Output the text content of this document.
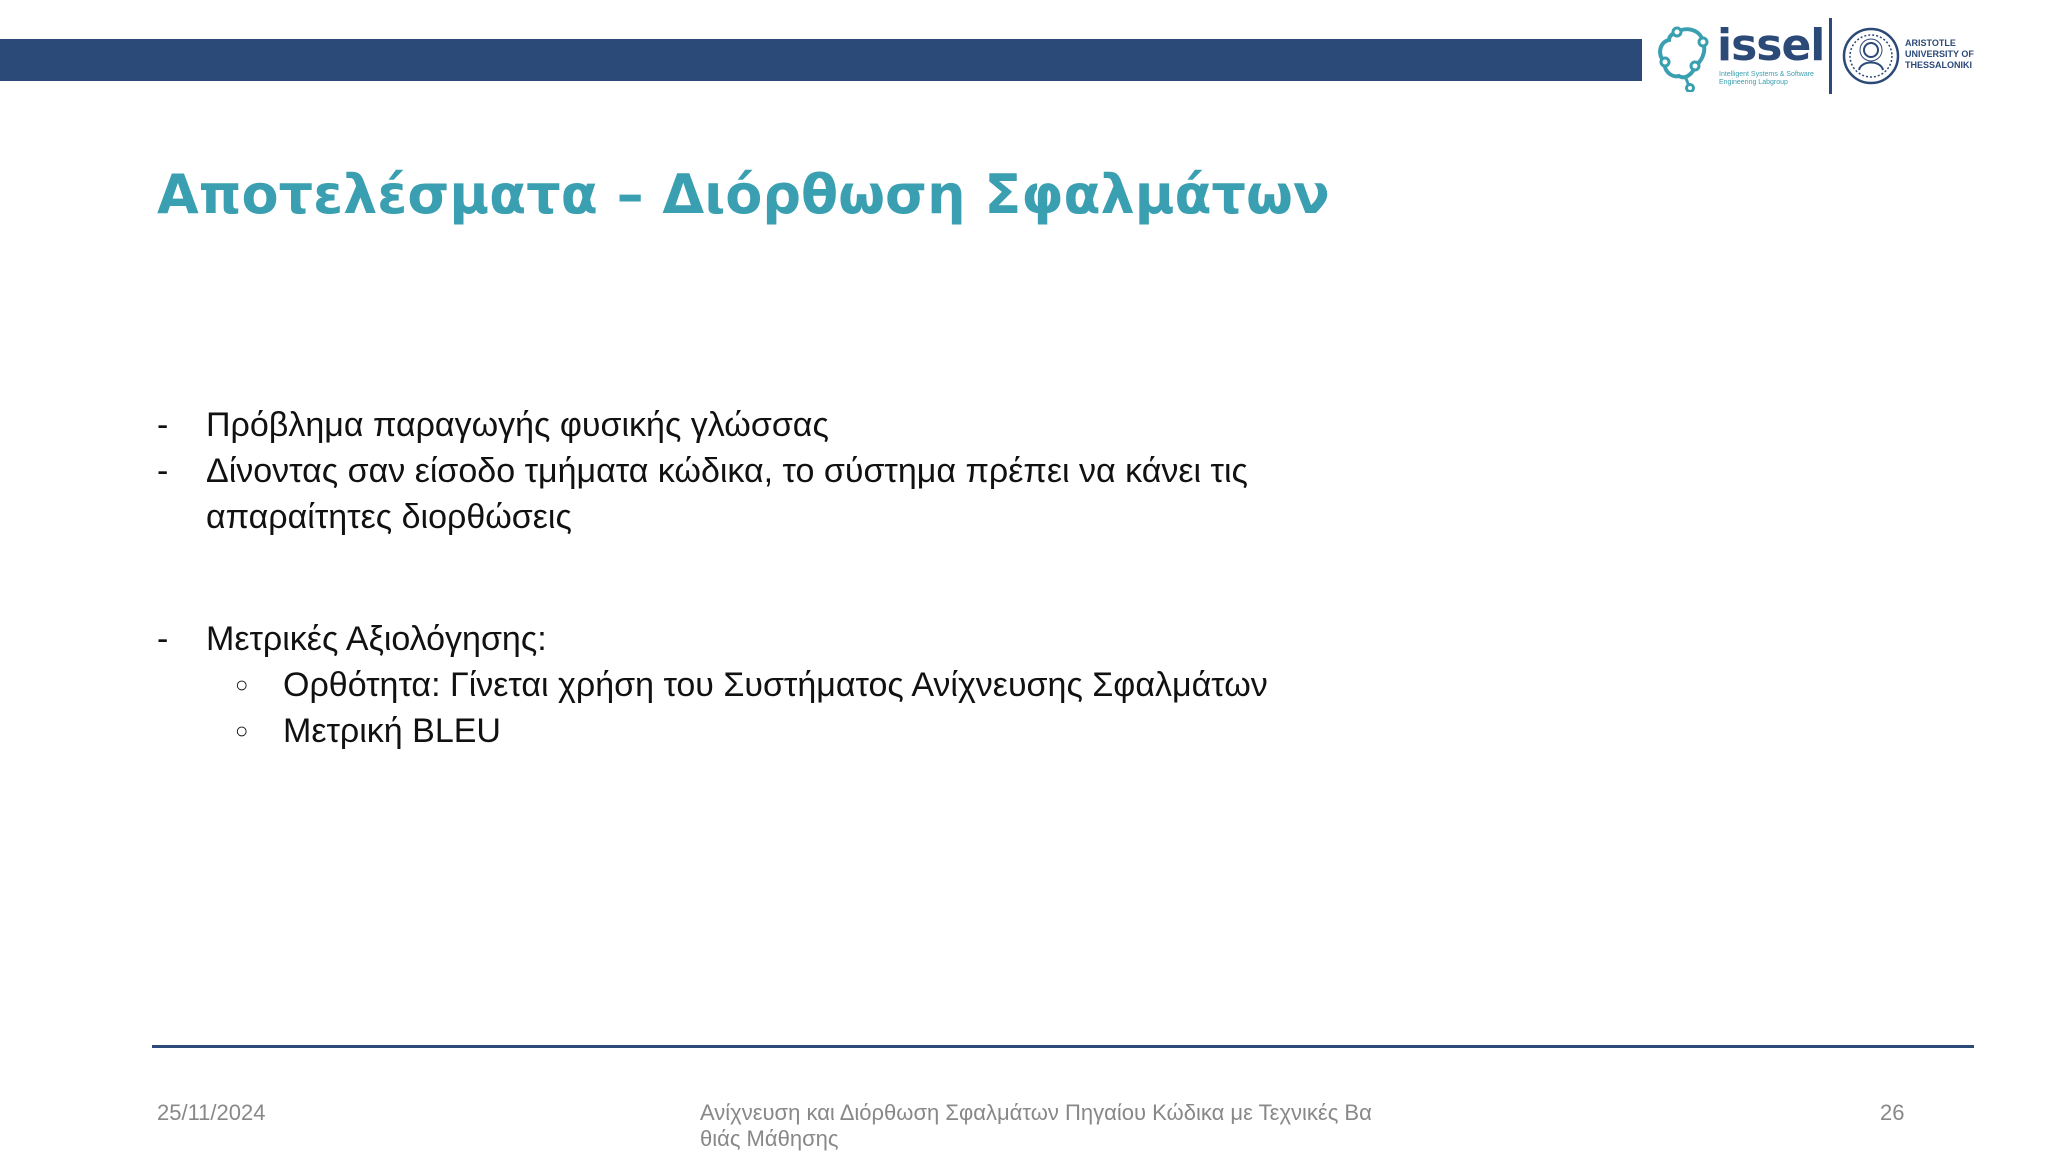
issel
Intelligent Systems & Software Engineering Labgroup
ARISTOTLE UNIVERSITY OF THESSALONIKI
Αποτελέσματα – Διόρθωση Σφαλμάτων
- Πρόβλημα παραγωγής φυσικής γλώσσας
- Δίνοντας σαν είσοδο τμήματα κώδικα, το σύστημα πρέπει να κάνει τις απαραίτητες διορθώσεις
- Μετρικές Αξιολόγησης:
○ Ορθότητα: Γίνεται χρήση του Συστήματος Ανίχνευσης Σφαλμάτων
○ Μετρική BLEU
25/11/2024	Ανίχνευση και Διόρθωση Σφαλμάτων Πηγαίου Κώδικα με Τεχνικές Βαθιάς Μάθησης
26
